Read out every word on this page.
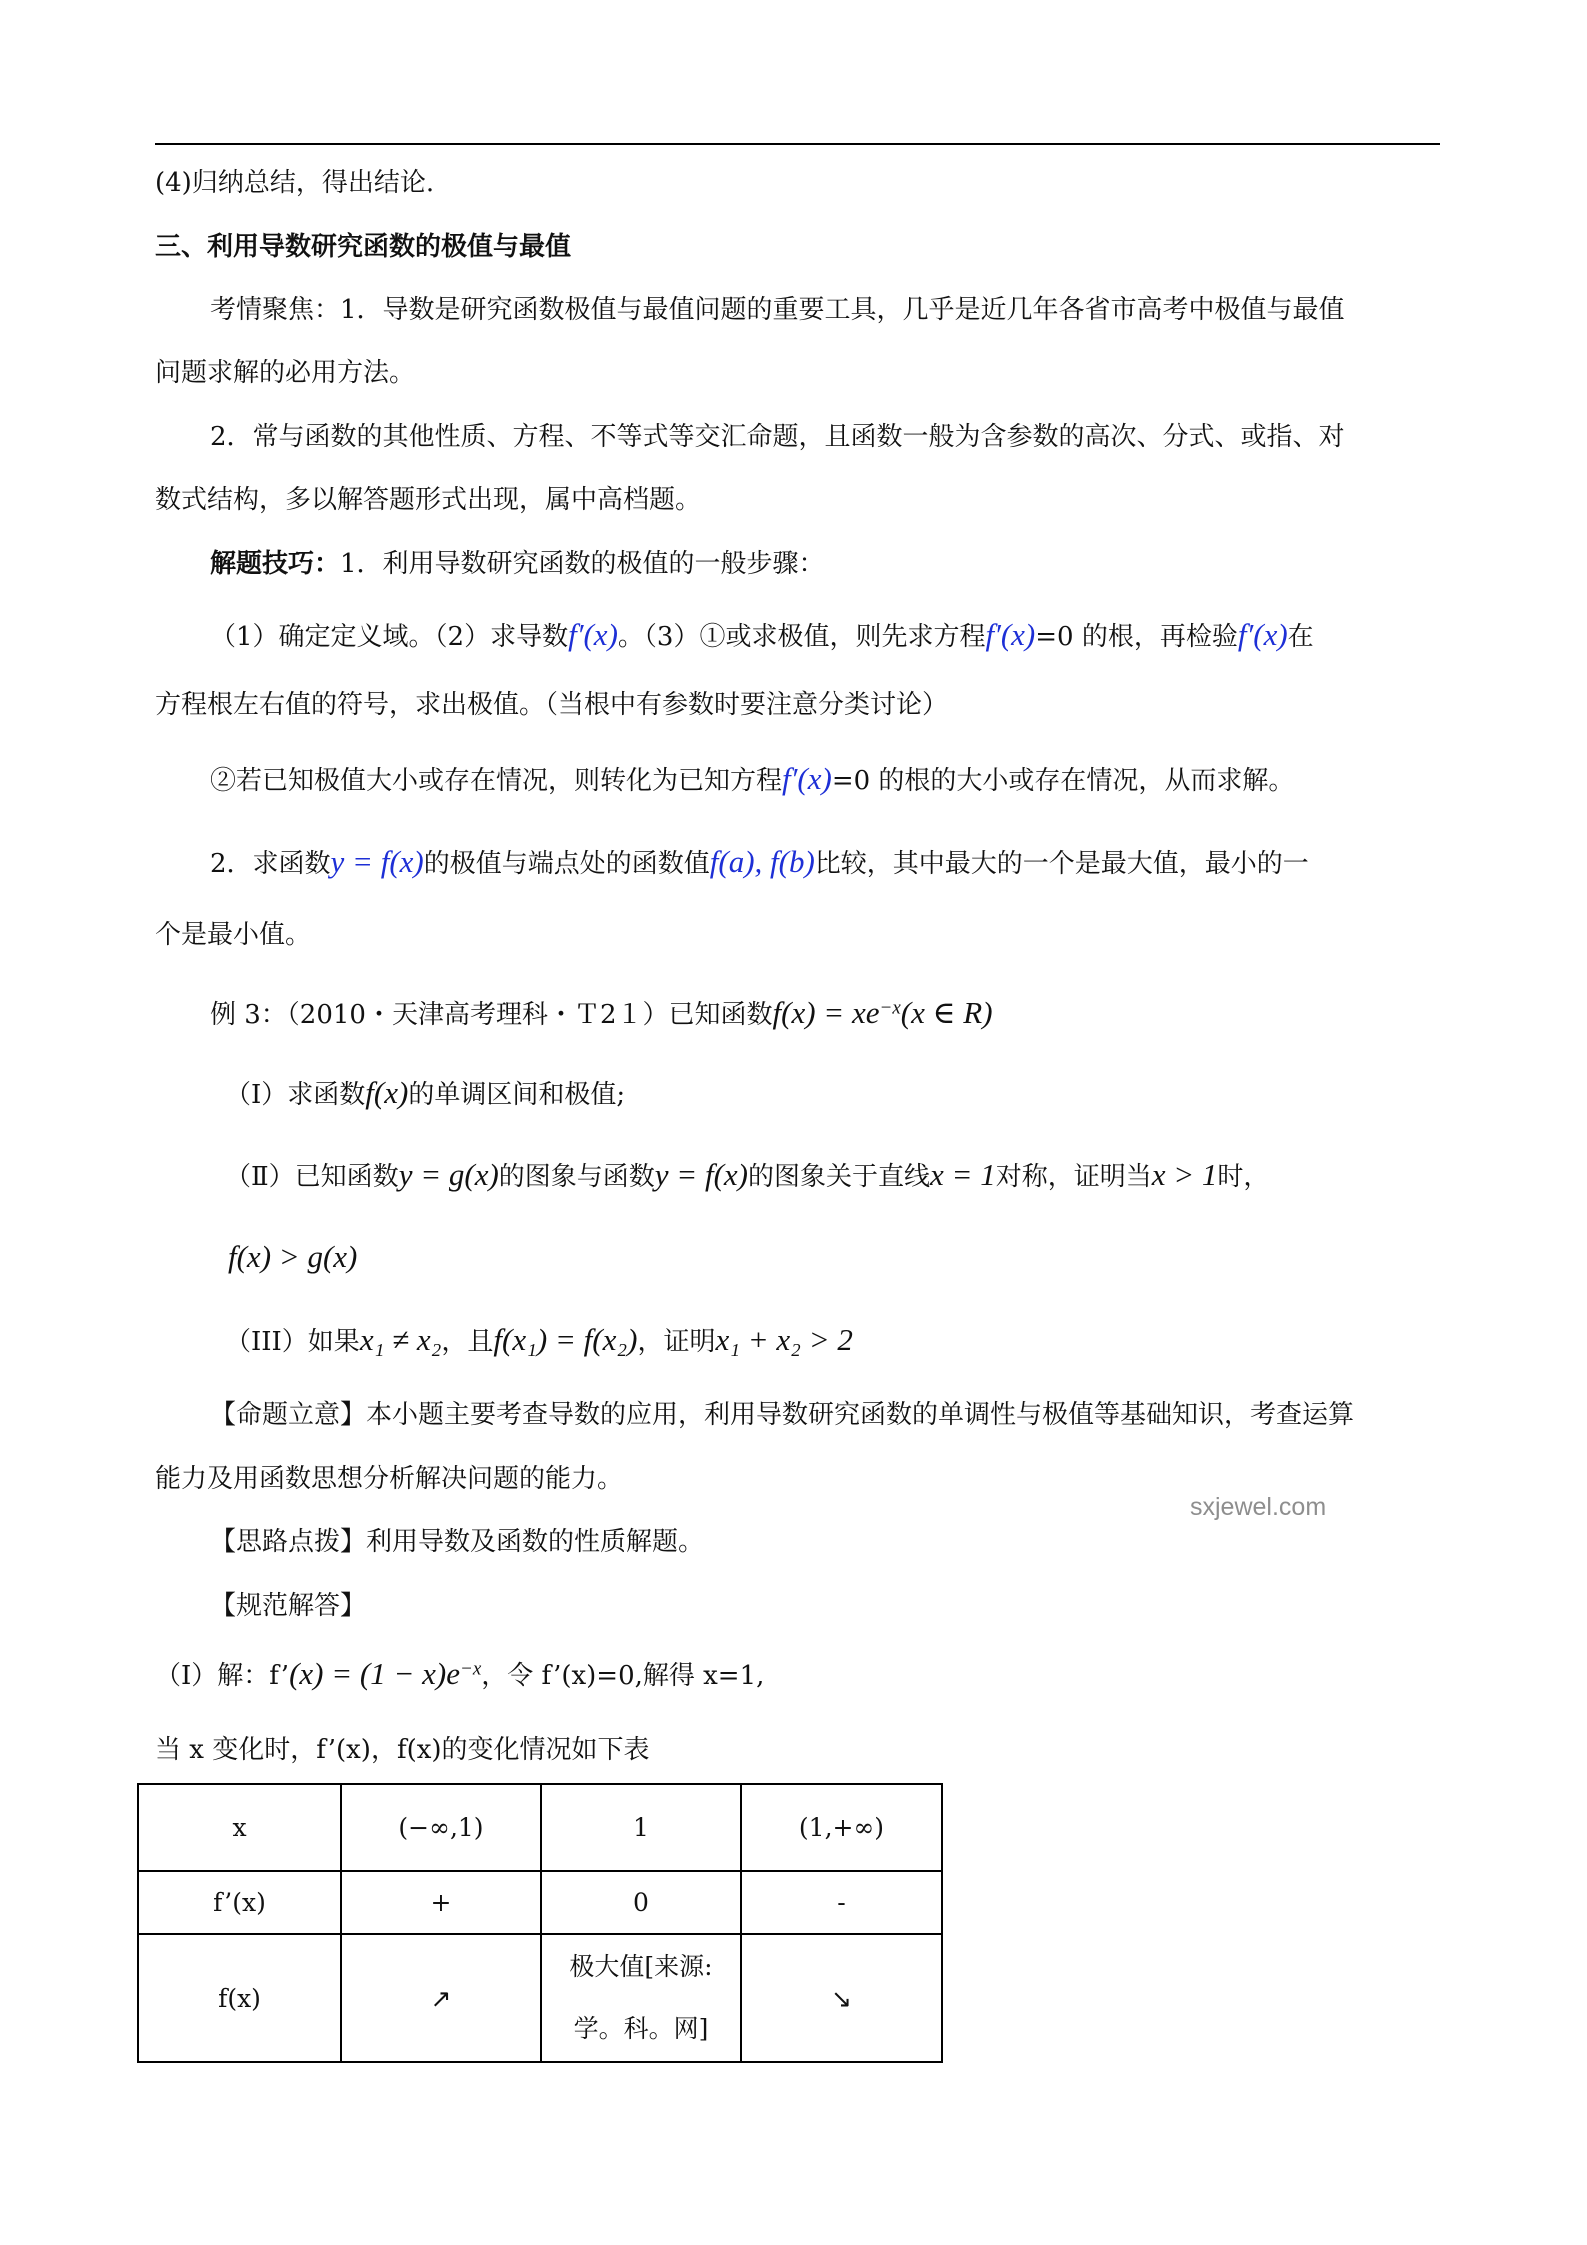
(4)归纳总结，得出结论.
三、利用导数研究函数的极值与最值
考情聚焦：1．导数是研究函数极值与最值问题的重要工具，几乎是近几年各省市高考中极值与最值
问题求解的必用方法。
2．常与函数的其他性质、方程、不等式等交汇命题，且函数一般为含参数的高次、分式、或指、对
数式结构，多以解答题形式出现，属中高档题。
解题技巧：1．利用导数研究函数的极值的一般步骤：
（1）确定定义域。（2）求导数f′(x)。（3）①或求极值，则先求方程f′(x)=0 的根，再检验f′(x)在
方程根左右值的符号，求出极值。（当根中有参数时要注意分类讨论）
②若已知极值大小或存在情况，则转化为已知方程f′(x)=0 的根的大小或存在情况，从而求解。
2．求函数y = f(x)的极值与端点处的函数值f(a), f(b)比较，其中最大的一个是最大值，最小的一
个是最小值。
例 3：（2010・天津高考理科・Ｔ2１）已知函数$f(x) = xe^{-x}(x$ ∈ R)
（Ⅰ）求函数f(x)的单调区间和极值;
（Ⅱ）已知函数y = g(x)的图象与函数y = f(x)的图象关于直线x = 1对称，证明当x > 1时，
f(x) > g(x)
（III）如果x₁ ≠ x₂，且f(x₁) = f(x₂)，证明x₁ + x₂ > 2
【命题立意】本小题主要考查导数的应用，利用导数研究函数的单调性与极值等基础知识，考查运算
能力及用函数思想分析解决问题的能力。
sxjewel.com
【思路点拨】利用导数及函数的性质解题。
【规范解答】
（Ⅰ）解：f’(x) = $(1 - x)e^{-x}$，令 f’(x)=0,解得 x=1,
当 x 变化时，f’(x)，f(x)的变化情况如下表
x	(−∞,1)	1	(1,+∞)
f’(x)	+	0	-
f(x)	↗	极大值[来源:
学。科。网]	↘
